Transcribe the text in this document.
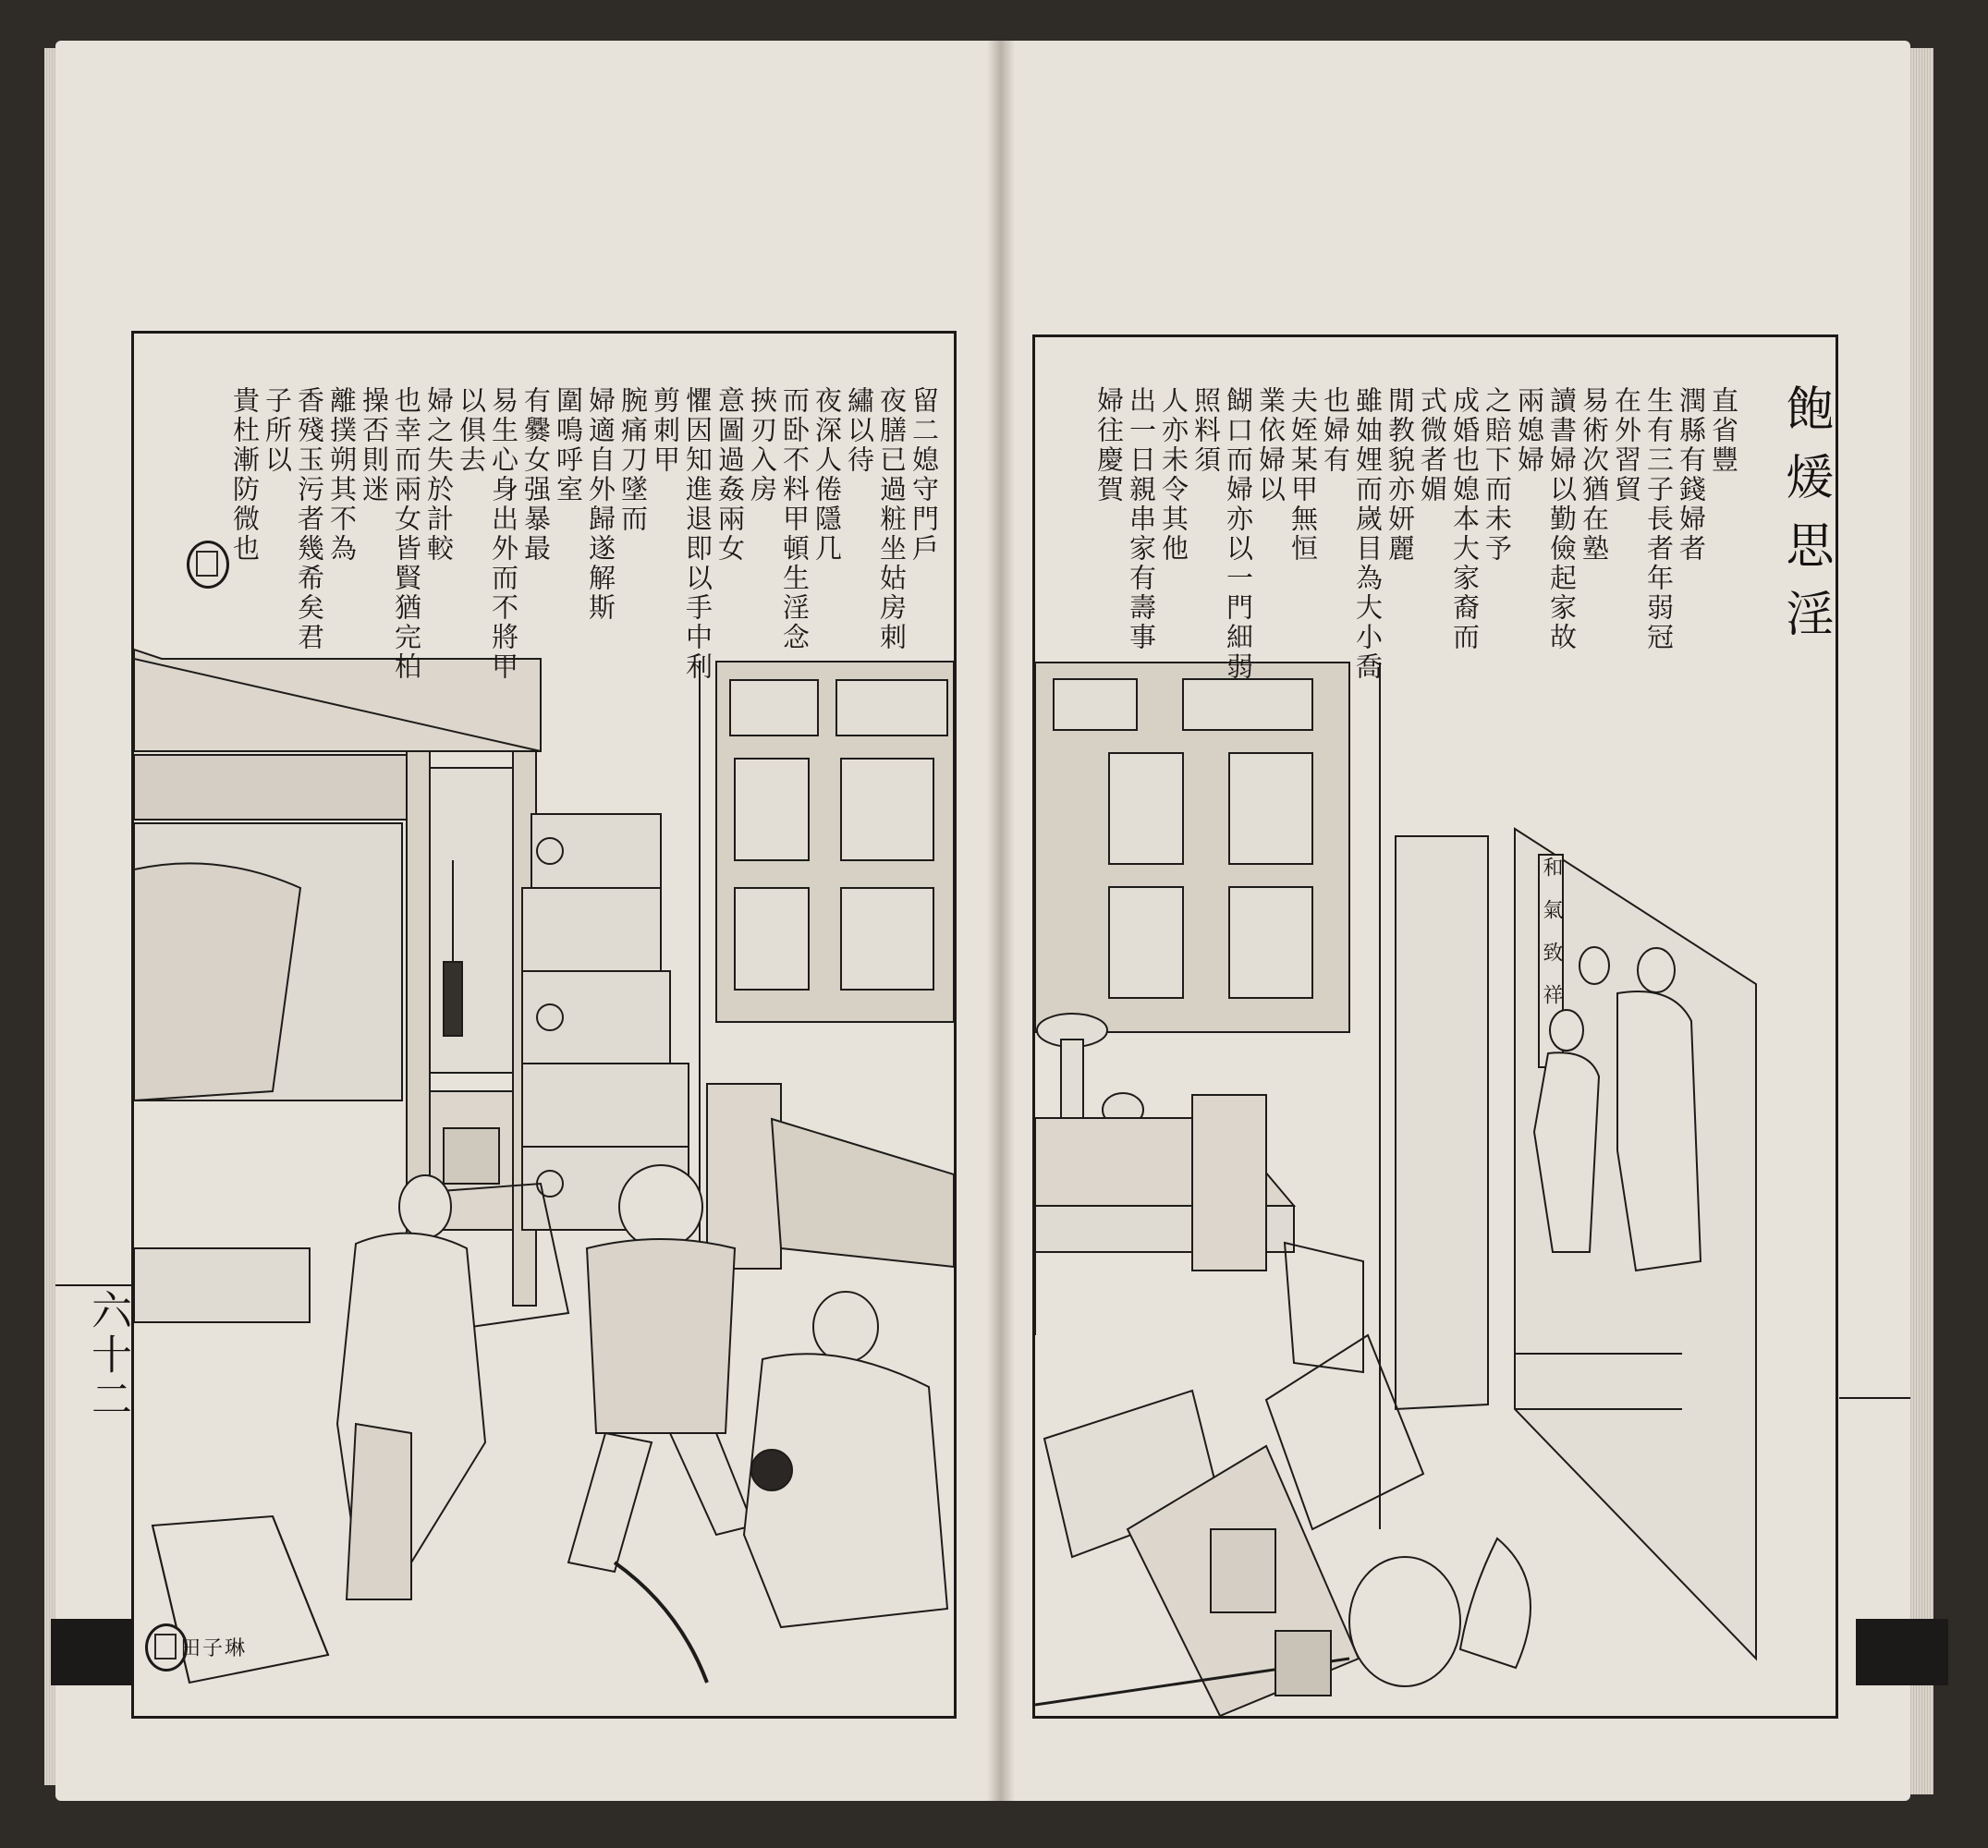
六十二
田子琳
和氣致祥
飽煖思淫
直省豐
潤縣有錢婦者
生有三子長者年弱冠
在外習貿
易術次猶在塾
讀書婦以勤儉起家故
兩媳婦
之賠下而未予
成婚也媳本大家裔而
式微者媚
閒教貌亦妍麗
雖妯娌而嵗目為大小喬
也婦有
夫姪某甲無恒
業依婦以
餬口而婦亦以一門細弱
照料須
人亦未令其他
出一日親串家有壽事
婦往慶賀
留二媳守門戶
夜膳已過粧坐姑房刺
繡以待
夜深人倦隱几
而卧不料甲頓生淫念
挾刃入房
意圖過姦兩女
懼因知進退即以手中利
剪刺甲
腕痛刀墜而
婦適自外歸遂解斯
圍鳴呼室
有爨女强暴最
易生心身出外而不將甲
以俱去
婦之失於計較
也幸而兩女皆賢猶完柏
操否則迷
離撲朔其不為
香殘玉污者幾希矣君
子所以
貴杜漸防微也
